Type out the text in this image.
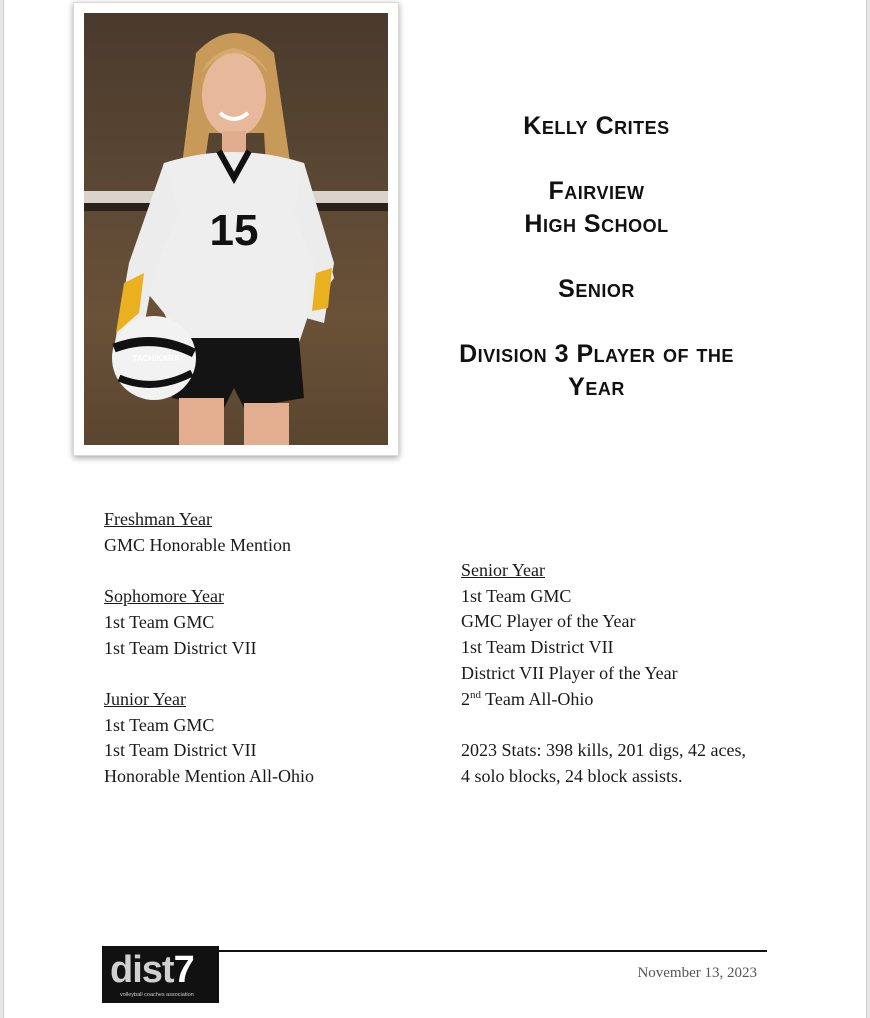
15
TACHIKARA
Kelly Crites
Fairview
High School
Senior
Division 3 Player of the
Year
Freshman Year
GMC Honorable Mention
Sophomore Year
1st Team GMC
1st Team District VII
Junior Year
1st Team GMC
1st Team District VII
Honorable Mention All-Ohio
Senior Year
1st Team GMC
GMC Player of the Year
1st Team District VII
District VII Player of the Year
2nd Team All-Ohio
2023 Stats: 398 kills, 201 digs, 42 aces,
4 solo blocks, 24 block assists.
dist7
volleyball coaches association
November 13, 2023
